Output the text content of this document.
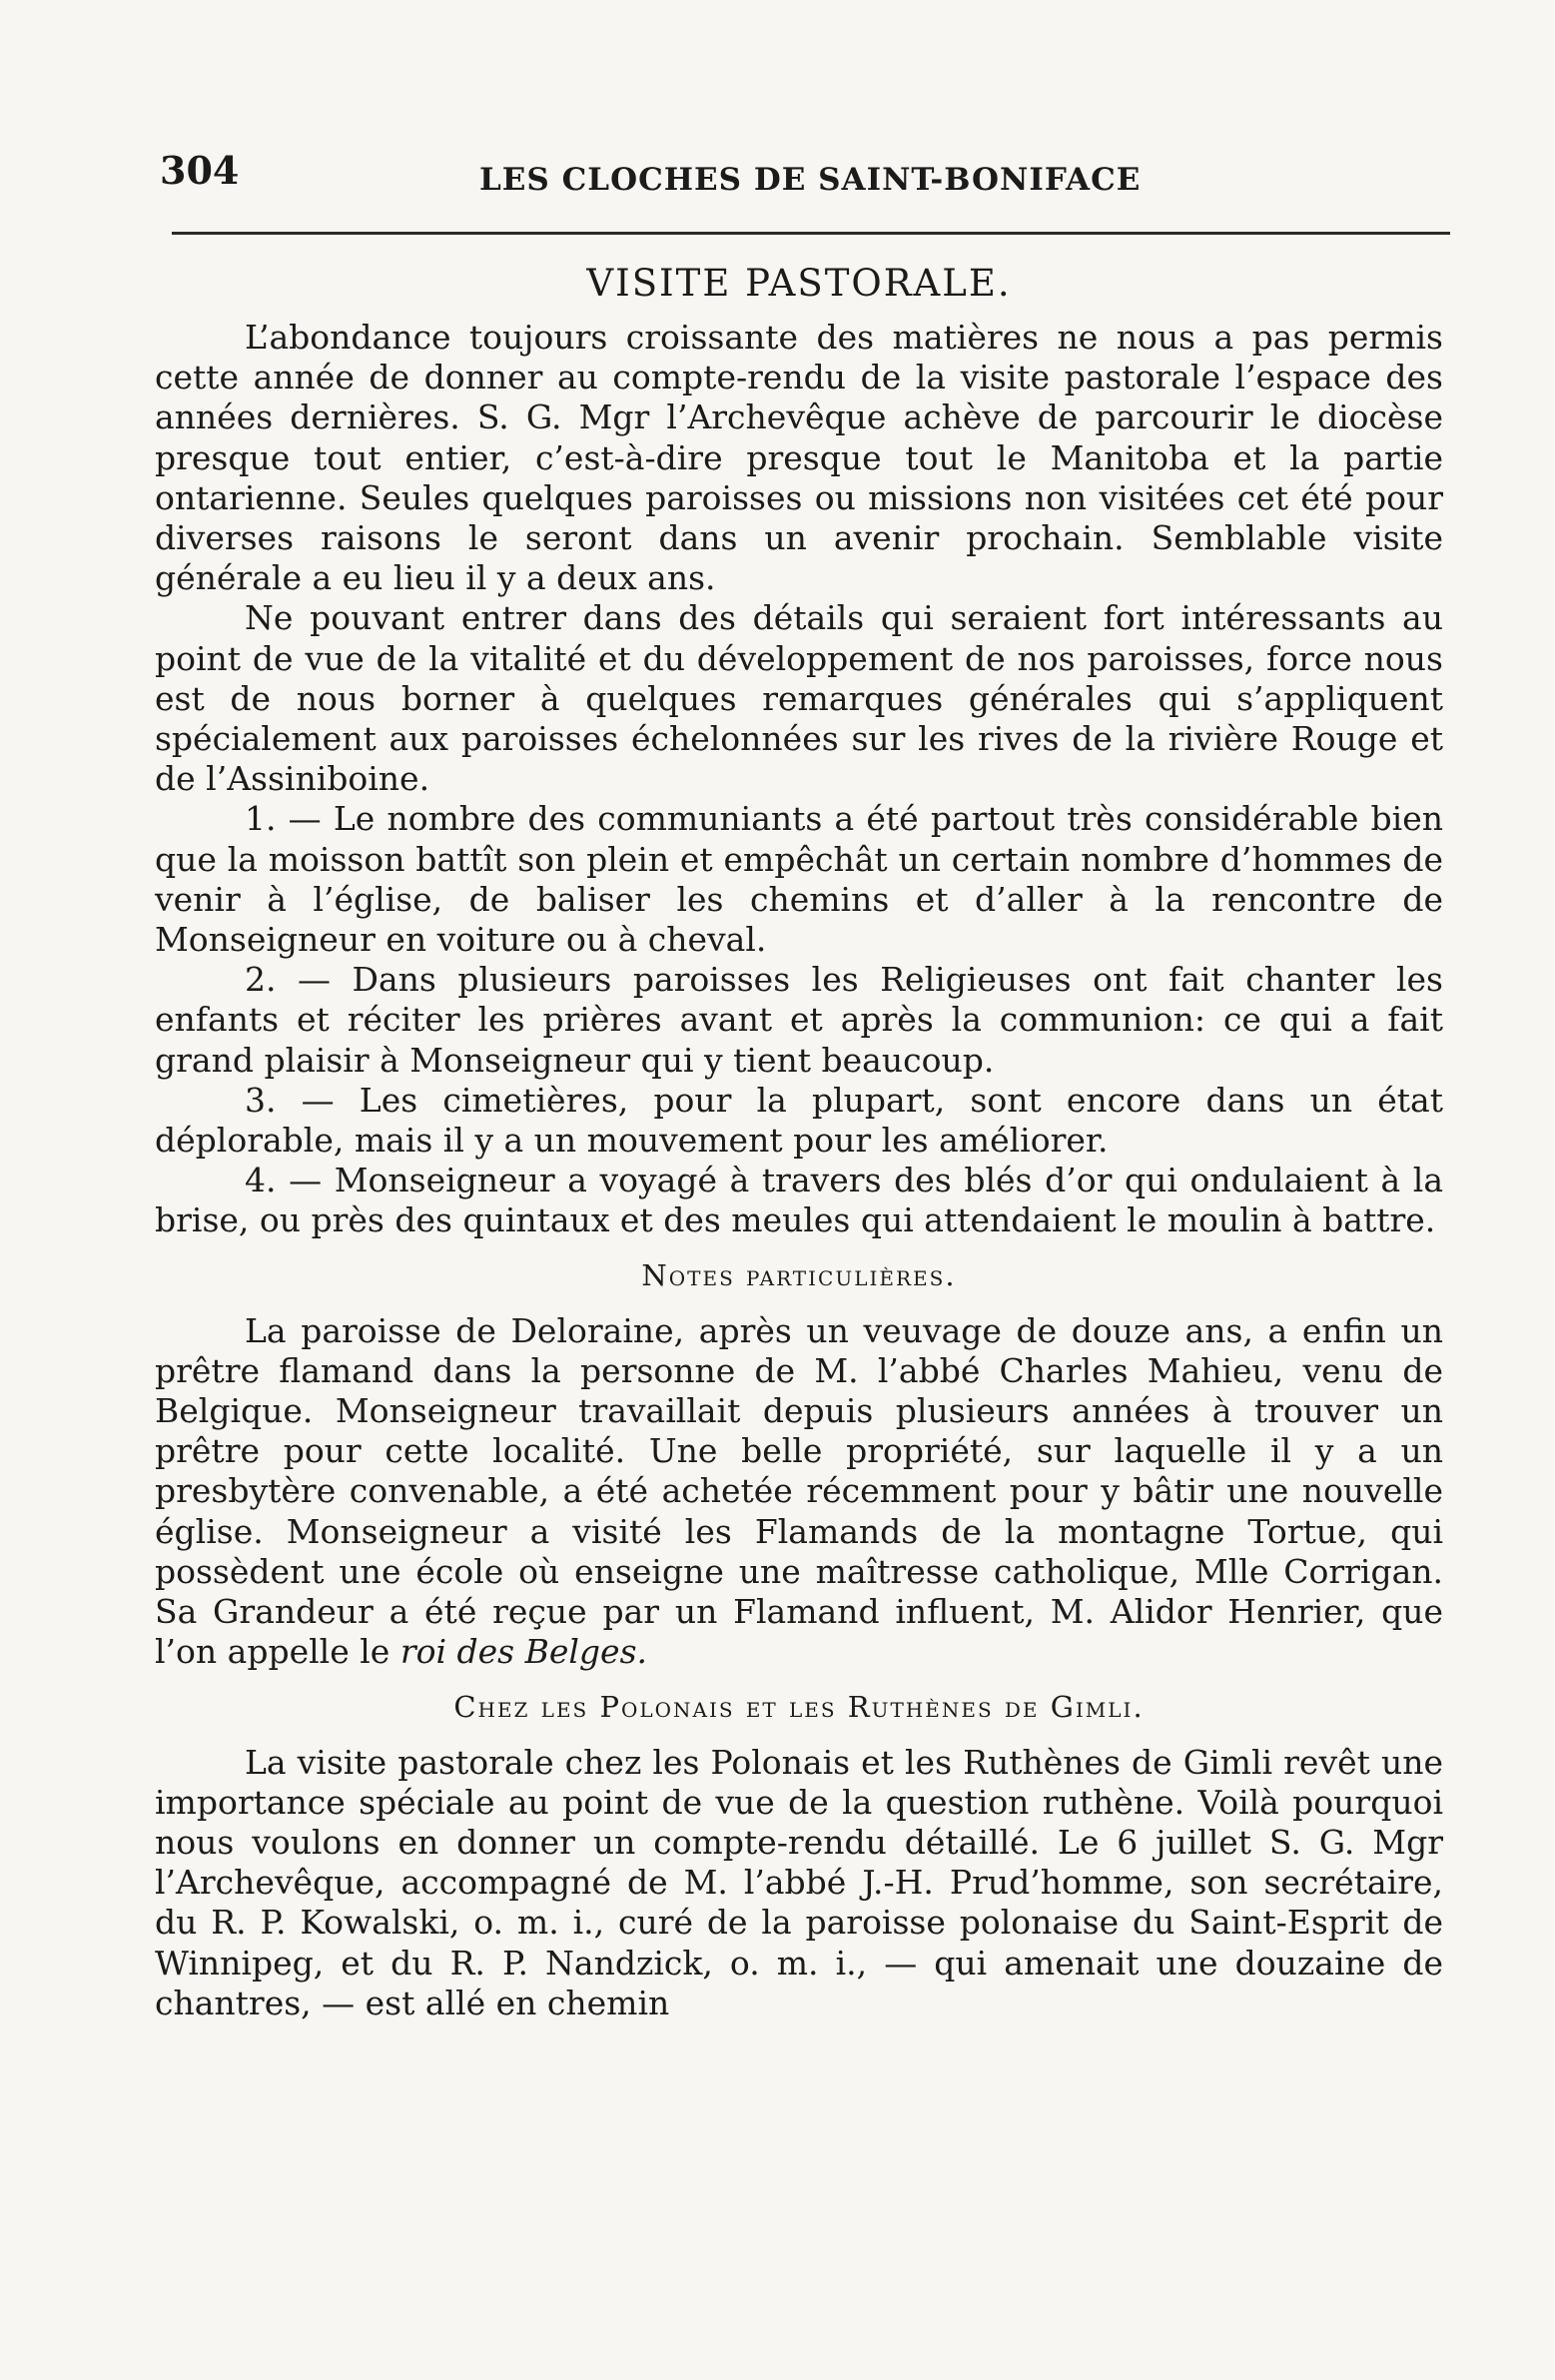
304	LES CLOCHES DE SAINT-BONIFACE
VISITE PASTORALE.

L’abondance toujours croissante des matières ne nous a pas permis cette année de donner au compte-rendu de la visite pastorale l’espace des années dernières. S. G. Mgr l’Archevêque achève de parcourir le diocèse presque tout entier, c’est-à-dire presque tout le Manitoba et la partie ontarienne. Seules quelques paroisses ou missions non visitées cet été pour diverses raisons le seront dans un avenir prochain. Semblable visite générale a eu lieu il y a deux ans.

Ne pouvant entrer dans des détails qui seraient fort intéressants au point de vue de la vitalité et du développement de nos paroisses, force nous est de nous borner à quelques remarques générales qui s’appliquent spécialement aux paroisses échelonnées sur les rives de la rivière Rouge et de l’Assiniboine.

1. — Le nombre des communiants a été partout très considérable bien que la moisson battît son plein et empêchât un certain nombre d’hommes de venir à l’église, de baliser les chemins et d’aller à la rencontre de Monseigneur en voiture ou à cheval.

2. — Dans plusieurs paroisses les Religieuses ont fait chanter les enfants et réciter les prières avant et après la communion: ce qui a fait grand plaisir à Monseigneur qui y tient beaucoup.

3. — Les cimetières, pour la plupart, sont encore dans un état déplorable, mais il y a un mouvement pour les améliorer.

4. — Monseigneur a voyagé à travers des blés d’or qui ondulaient à la brise, ou près des quintaux et des meules qui attendaient le moulin à battre.

Notes particulières.

La paroisse de Deloraine, après un veuvage de douze ans, a enfin un prêtre flamand dans la personne de M. l’abbé Charles Mahieu, venu de Belgique. Monseigneur travaillait depuis plusieurs années à trouver un prêtre pour cette localité. Une belle propriété, sur laquelle il y a un presbytère convenable, a été achetée récemment pour y bâtir une nouvelle église. Monseigneur a visité les Flamands de la montagne Tortue, qui possèdent une école où enseigne une maîtresse catholique, Mlle Corrigan. Sa Grandeur a été reçue par un Flamand influent, M. Alidor Henrier, que l’on appelle le roi des Belges.

Chez les Polonais et les Ruthènes de Gimli.

La visite pastorale chez les Polonais et les Ruthènes de Gimli revêt une importance spéciale au point de vue de la question ruthène. Voilà pourquoi nous voulons en donner un compte-rendu détaillé. Le 6 juillet S. G. Mgr l’Archevêque, accompagné de M. l’abbé J.-H. Prud’homme, son secrétaire, du R. P. Kowalski, o. m. i., curé de la paroisse polonaise du Saint-Esprit de Winnipeg, et du R. P. Nandzick, o. m. i., — qui amenait une douzaine de chantres, — est allé en chemin
